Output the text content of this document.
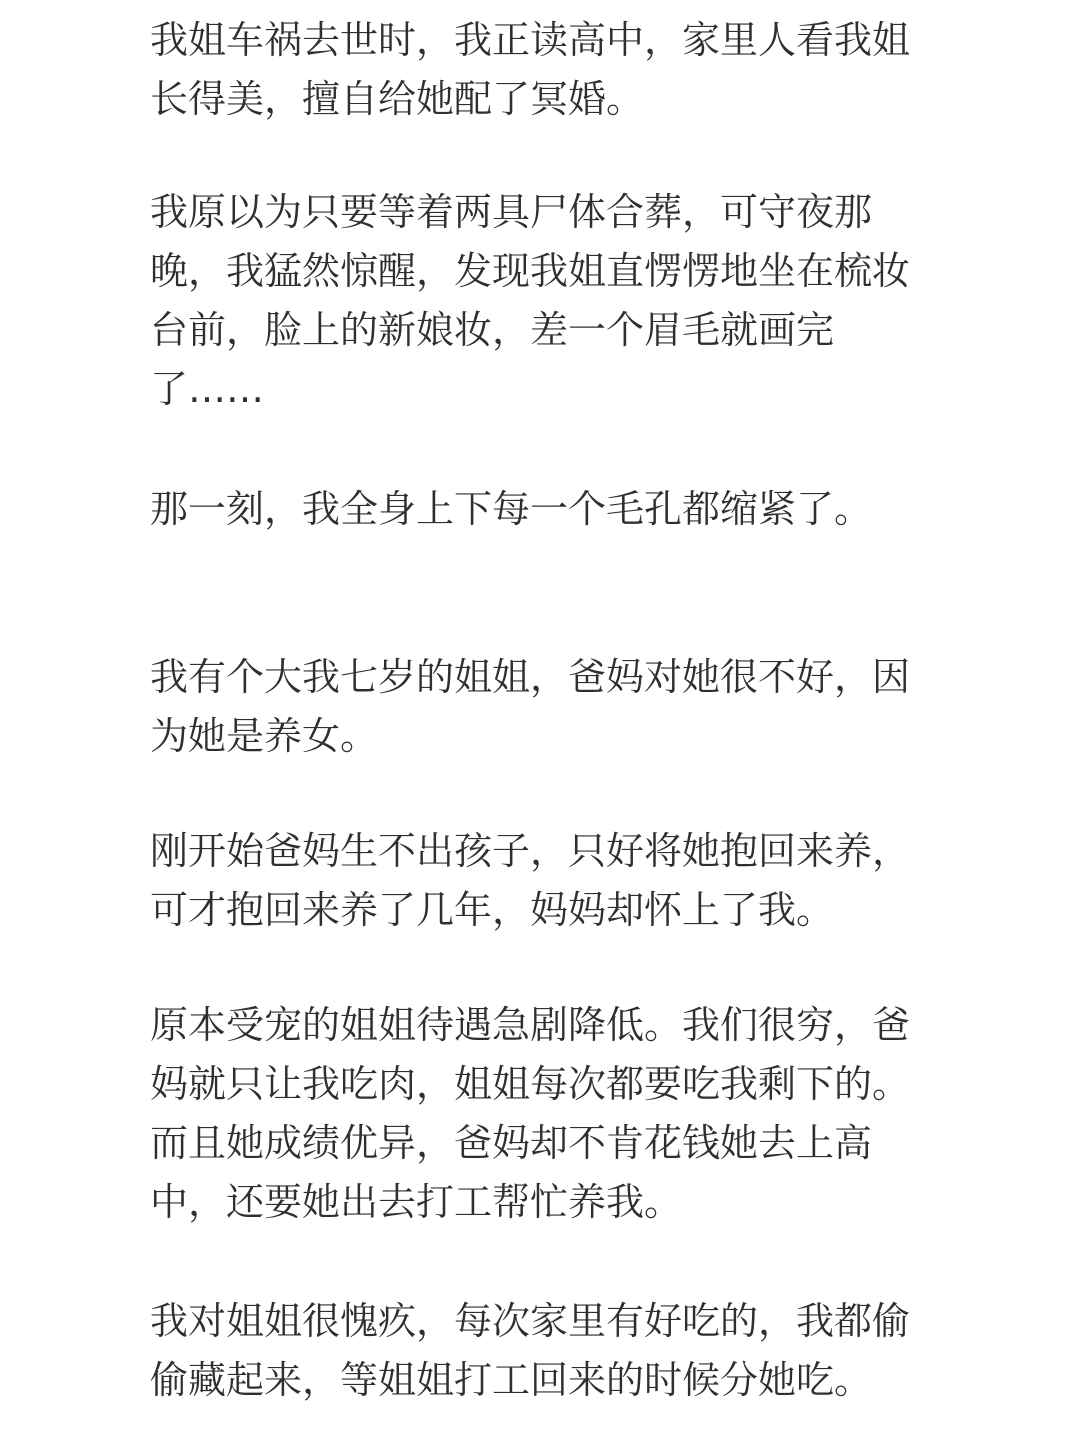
我姐车祸去世时，我正读高中，家里人看我姐
长得美，擅自给她配了冥婚。

我原以为只要等着两具尸体合葬，可守夜那
晚，我猛然惊醒，发现我姐直愣愣地坐在梳妆
台前，脸上的新娘妆，差一个眉毛就画完
了……

那一刻，我全身上下每一个毛孔都缩紧了。

我有个大我七岁的姐姐，爸妈对她很不好，因
为她是养女。

刚开始爸妈生不出孩子，只好将她抱回来养，
可才抱回来养了几年，妈妈却怀上了我。

原本受宠的姐姐待遇急剧降低。我们很穷，爸
妈就只让我吃肉，姐姐每次都要吃我剩下的。
而且她成绩优异，爸妈却不肯花钱她去上高
中，还要她出去打工帮忙养我。

我对姐姐很愧疚，每次家里有好吃的，我都偷
偷藏起来，等姐姐打工回来的时候分她吃。
